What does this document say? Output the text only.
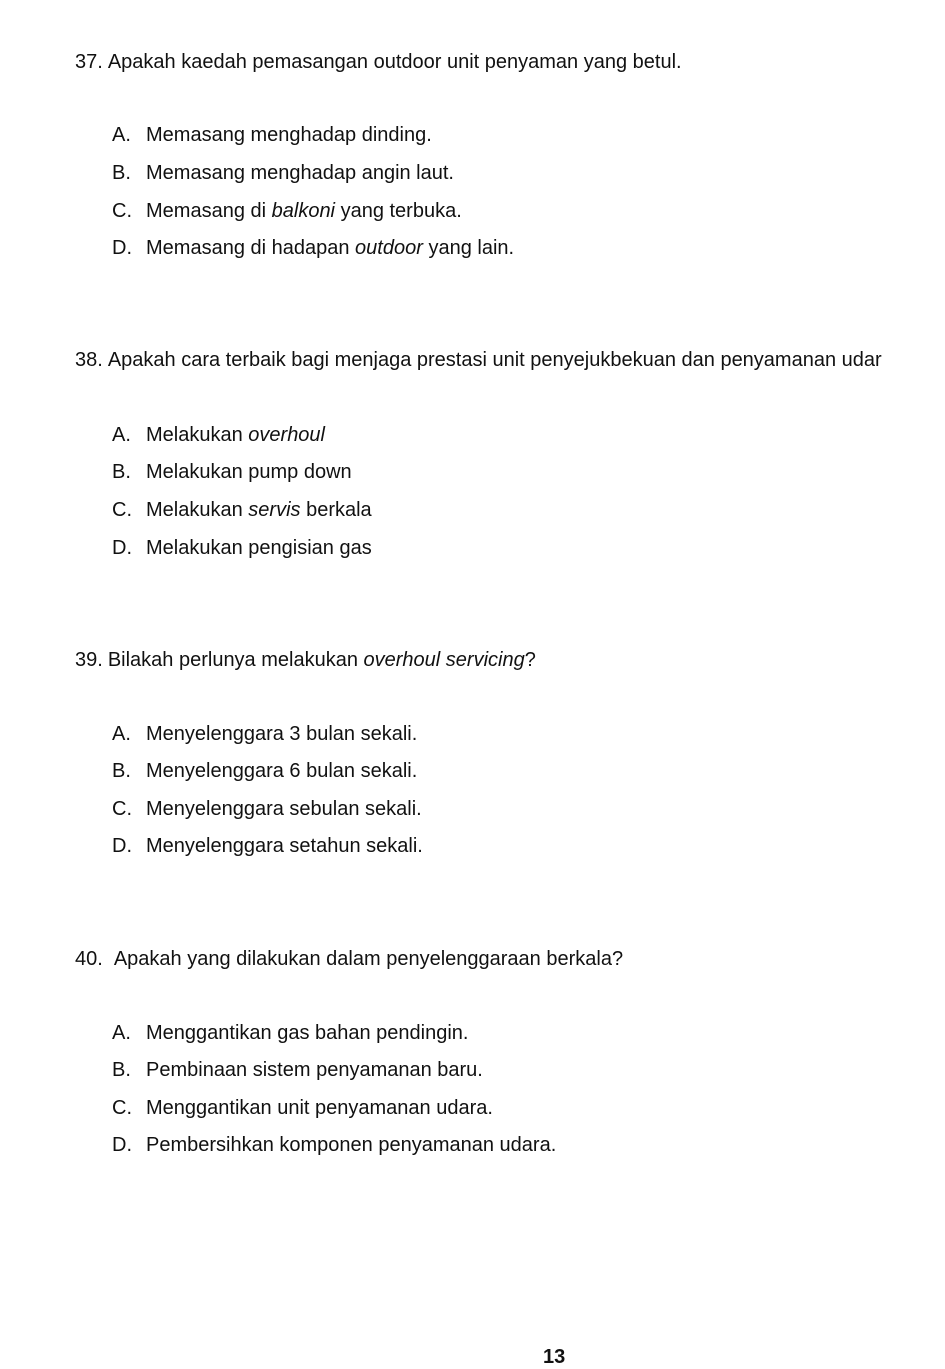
37. Apakah kaedah pemasangan outdoor unit penyaman yang betul.
A. Memasang menghadap dinding.
B. Memasang menghadap angin laut.
C. Memasang di balkoni yang terbuka.
D. Memasang di hadapan outdoor yang lain.
38. Apakah cara terbaik bagi menjaga prestasi unit penyejukbekuan dan penyamanan udar
A. Melakukan overhoul
B. Melakukan pump down
C. Melakukan servis berkala
D. Melakukan pengisian gas
39. Bilakah perlunya melakukan overhoul servicing?
A. Menyelenggara 3 bulan sekali.
B. Menyelenggara 6 bulan sekali.
C. Menyelenggara sebulan sekali.
D. Menyelenggara setahun sekali.
40. Apakah yang dilakukan dalam penyelenggaraan berkala?
A. Menggantikan gas bahan pendingin.
B. Pembinaan sistem penyamanan baru.
C. Menggantikan unit penyamanan udara.
D. Pembersihkan komponen penyamanan udara.
13
